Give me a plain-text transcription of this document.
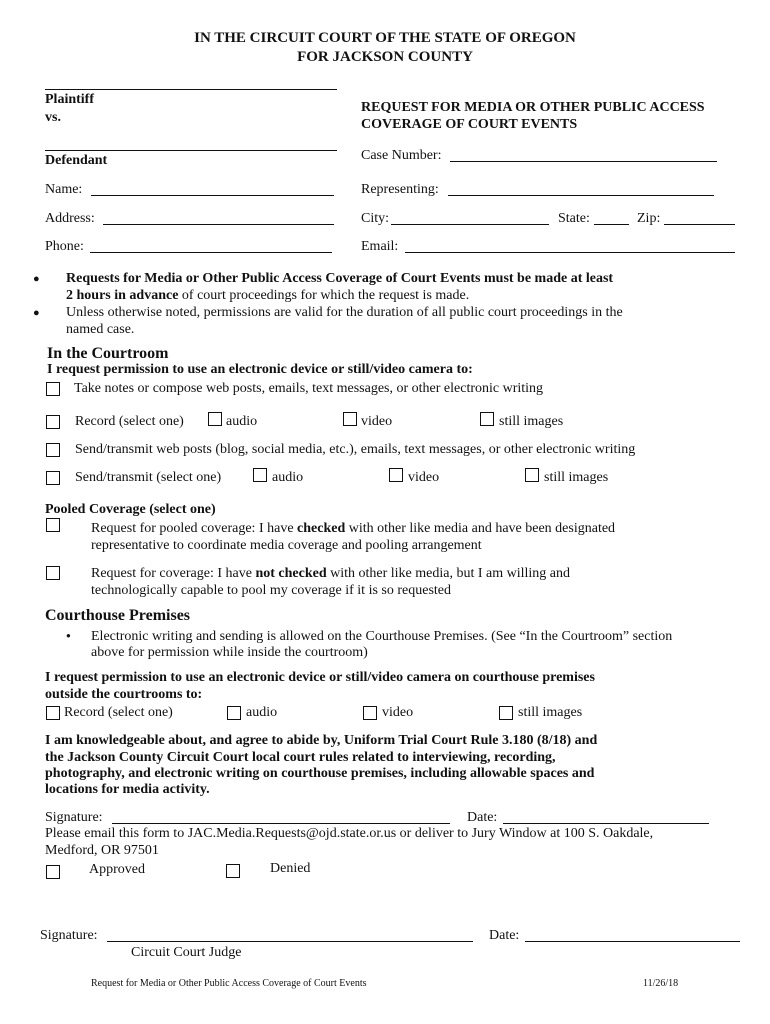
IN THE CIRCUIT COURT OF THE STATE OF OREGON
FOR JACKSON COUNTY
Plaintiff
vs.
Defendant
REQUEST FOR MEDIA OR OTHER PUBLIC ACCESS
COVERAGE OF COURT EVENTS
Case Number:
Name:	Representing:
Address:	City:	State:	Zip:
Phone:	Email:
● Requests for Media or Other Public Access Coverage of Court Events must be made at least
2 hours in advance of court proceedings for which the request is made.
● Unless otherwise noted, permissions are valid for the duration of all public court proceedings in the
named case.
In the Courtroom
I request permission to use an electronic device or still/video camera to:
Take notes or compose web posts, emails, text messages, or other electronic writing
Record (select one)	audio	video	still images
Send/transmit web posts (blog, social media, etc.), emails, text messages, or other electronic writing
Send/transmit (select one)	audio	video	still images
Pooled Coverage (select one)
Request for pooled coverage: I have checked with other like media and have been designated
representative to coordinate media coverage and pooling arrangement
Request for coverage: I have not checked with other like media, but I am willing and
technologically capable to pool my coverage if it is so requested
Courthouse Premises
● Electronic writing and sending is allowed on the Courthouse Premises. (See “In the Courtroom” section
above for permission while inside the courtroom)
I request permission to use an electronic device or still/video camera on courthouse premises
outside the courtrooms to:
Record (select one)	audio	video	still images
I am knowledgeable about, and agree to abide by, Uniform Trial Court Rule 3.180 (8/18) and
the Jackson County Circuit Court local court rules related to interviewing, recording,
photography, and electronic writing on courthouse premises, including allowable spaces and
locations for media activity.
Signature:	Date:
Please email this form to JAC.Media.Requests@ojd.state.or.us or deliver to Jury Window at 100 S. Oakdale,
Medford, OR 97501
Approved	Denied
Signature:	Date:
Circuit Court Judge
Request for Media or Other Public Access Coverage of Court Events	11/26/18
